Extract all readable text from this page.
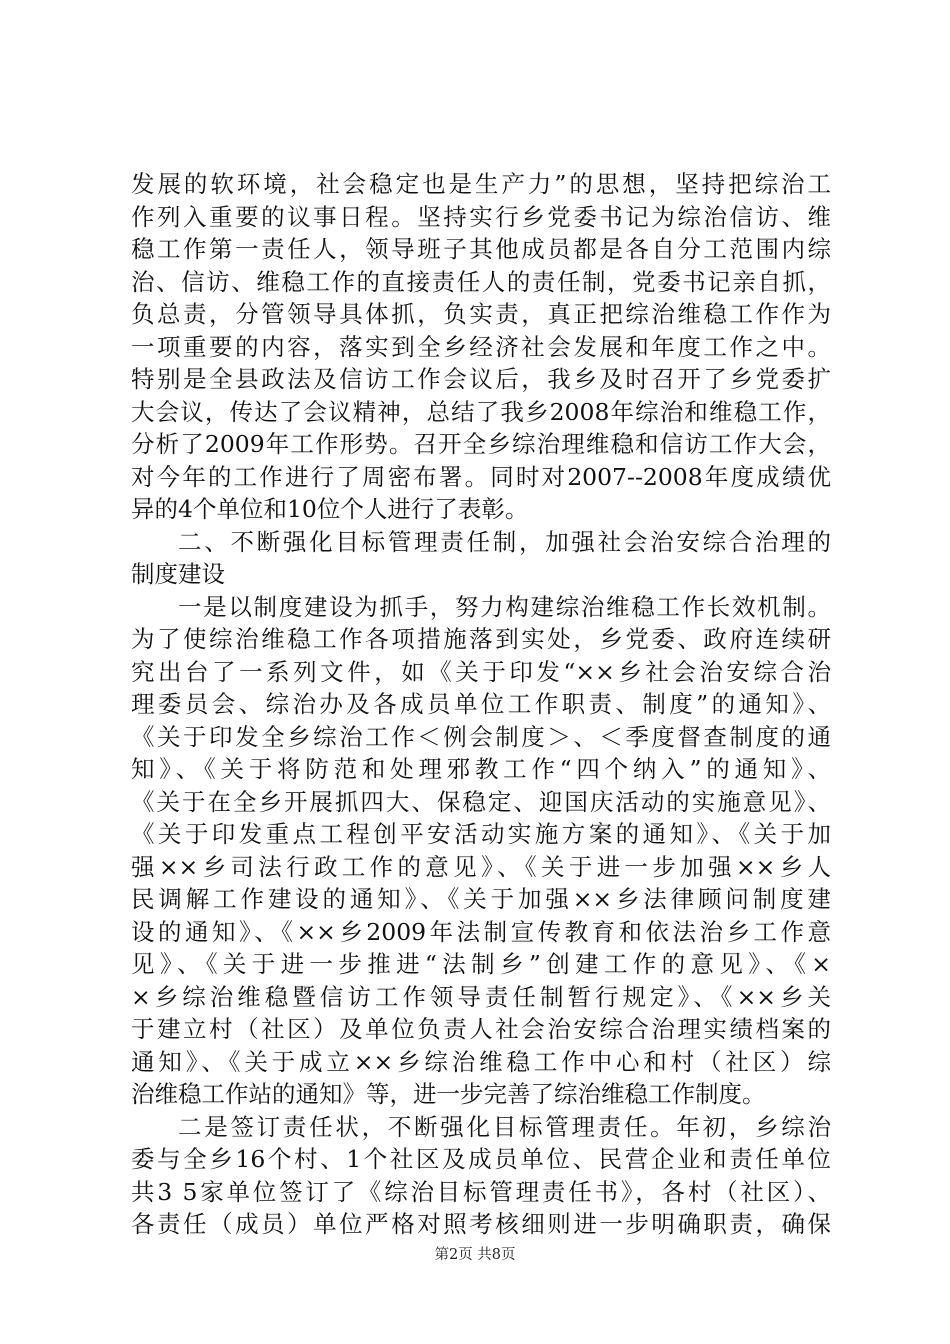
发展的软环境，社会稳定也是生产力”的思想，坚持把综治工
作列入重要的议事日程。坚持实行乡党委书记为综治信访、维
稳工作第一责任人，领导班子其他成员都是各自分工范围内综
治、信访、维稳工作的直接责任人的责任制，党委书记亲自抓，
负总责，分管领导具体抓，负实责，真正把综治维稳工作作为
一项重要的内容，落实到全乡经济社会发展和年度工作之中。
特别是全县政法及信访工作会议后，我乡及时召开了乡党委扩
大会议，传达了会议精神，总结了我乡2008年综治和维稳工作，
分析了2009年工作形势。召开全乡综治理维稳和信访工作大会，
对今年的工作进行了周密布署。同时对2007--2008年度成绩优
异的4个单位和10位个人进行了表彰。
二、不断强化目标管理责任制，加强社会治安综合治理的
制度建设
一是以制度建设为抓手，努力构建综治维稳工作长效机制。
为了使综治维稳工作各项措施落到实处，乡党委、政府连续研
究出台了一系列文件，如《关于印发“××乡社会治安综合治
理委员会、综治办及各成员单位工作职责、制度”的通知》、
《关于印发全乡综治工作＜例会制度＞、＜季度督查制度的通
知》、《关于将防范和处理邪教工作“四个纳入”的通知》、
《关于在全乡开展抓四大、保稳定、迎国庆活动的实施意见》、
《关于印发重点工程创平安活动实施方案的通知》、《关于加
强××乡司法行政工作的意见》、《关于进一步加强××乡人
民调解工作建设的通知》、《关于加强××乡法律顾问制度建
设的通知》、《××乡2009年法制宣传教育和依法治乡工作意
见》、《关于进一步推进“法制乡”创建工作的意见》、《×
×乡综治维稳暨信访工作领导责任制暂行规定》、《××乡关
于建立村（社区）及单位负责人社会治安综合治理实绩档案的
通知》、《关于成立××乡综治维稳工作中心和村（社区）综
治维稳工作站的通知》等，进一步完善了综治维稳工作制度。
二是签订责任状，不断强化目标管理责任。年初，乡综治
委与全乡16个村、1个社区及成员单位、民营企业和责任单位
共3 5家单位签订了《综治目标管理责任书》，各村（社区）、
各责任（成员）单位严格对照考核细则进一步明确职责，确保
第2页 共8页
